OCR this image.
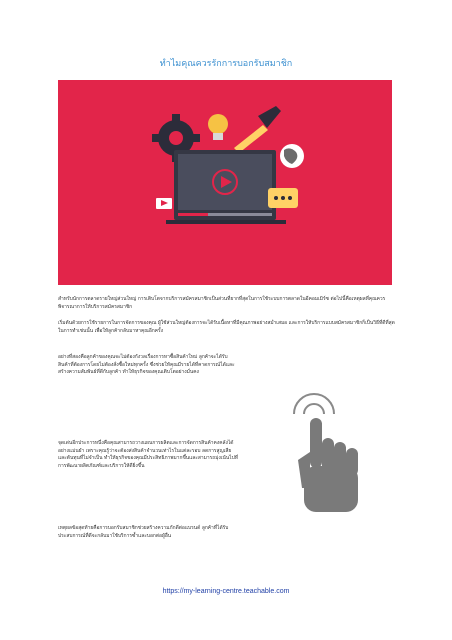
ทำไมคุณควรรักการบอกรับสมาชิก
สำหรับนักการตลาดรายใหญ่ส่วนใหญ่ การเติบโตจากบริการสมัครสมาชิกเป็นส่วนที่ยากที่สุดในการใช้ระบบการตลาดในอีคอมเมิร์ซ ต่อไปนี้คือเหตุผลที่คุณควรพิจารณาการให้บริการสมัครสมาชิก
เริ่มต้นด้วยการใช้รายการในการจัดการของคุณ ผู้ใช้ส่วนใหญ่ต้องการจะได้รับเนื้อหาที่มีคุณภาพอย่างสม่ำเสมอ และการให้บริการแบบสมัครสมาชิกก็เป็นวิธีที่ดีที่สุดในการทำเช่นนั้น เพื่อให้ลูกค้ากลับมาหาคุณอีกครั้ง
อย่างที่สองคือลูกค้าของคุณจะไม่ต้องกังวลเรื่องการหาซื้อสินค้าใหม่ ลูกค้าจะได้รับสินค้าที่ต้องการโดยไม่ต้องสั่งซื้อใหม่ทุกครั้ง ซึ่งช่วยให้คุณมีรายได้ที่คาดการณ์ได้และสร้างความสัมพันธ์ที่ดีกับลูกค้า ทำให้ธุรกิจของคุณเติบโตอย่างมั่นคง
จุดเด่นอีกประการหนึ่งคือคุณสามารถวางแผนการผลิตและการจัดการสินค้าคงคลังได้อย่างแม่นยำ เพราะคุณรู้ว่าจะต้องส่งสินค้าจำนวนเท่าไรในแต่ละรอบ ลดการสูญเสียและต้นทุนที่ไม่จำเป็น ทำให้ธุรกิจของคุณมีประสิทธิภาพมากขึ้นและสามารถมุ่งเน้นไปที่การพัฒนาผลิตภัณฑ์และบริการให้ดียิ่งขึ้น
เหตุผลข้อสุดท้ายคือการบอกรับสมาชิกช่วยสร้างความภักดีต่อแบรนด์ ลูกค้าที่ได้รับประสบการณ์ที่ดีจะกลับมาใช้บริการซ้ำและบอกต่อผู้อื่น
https://my-learning-centre.teachable.com
